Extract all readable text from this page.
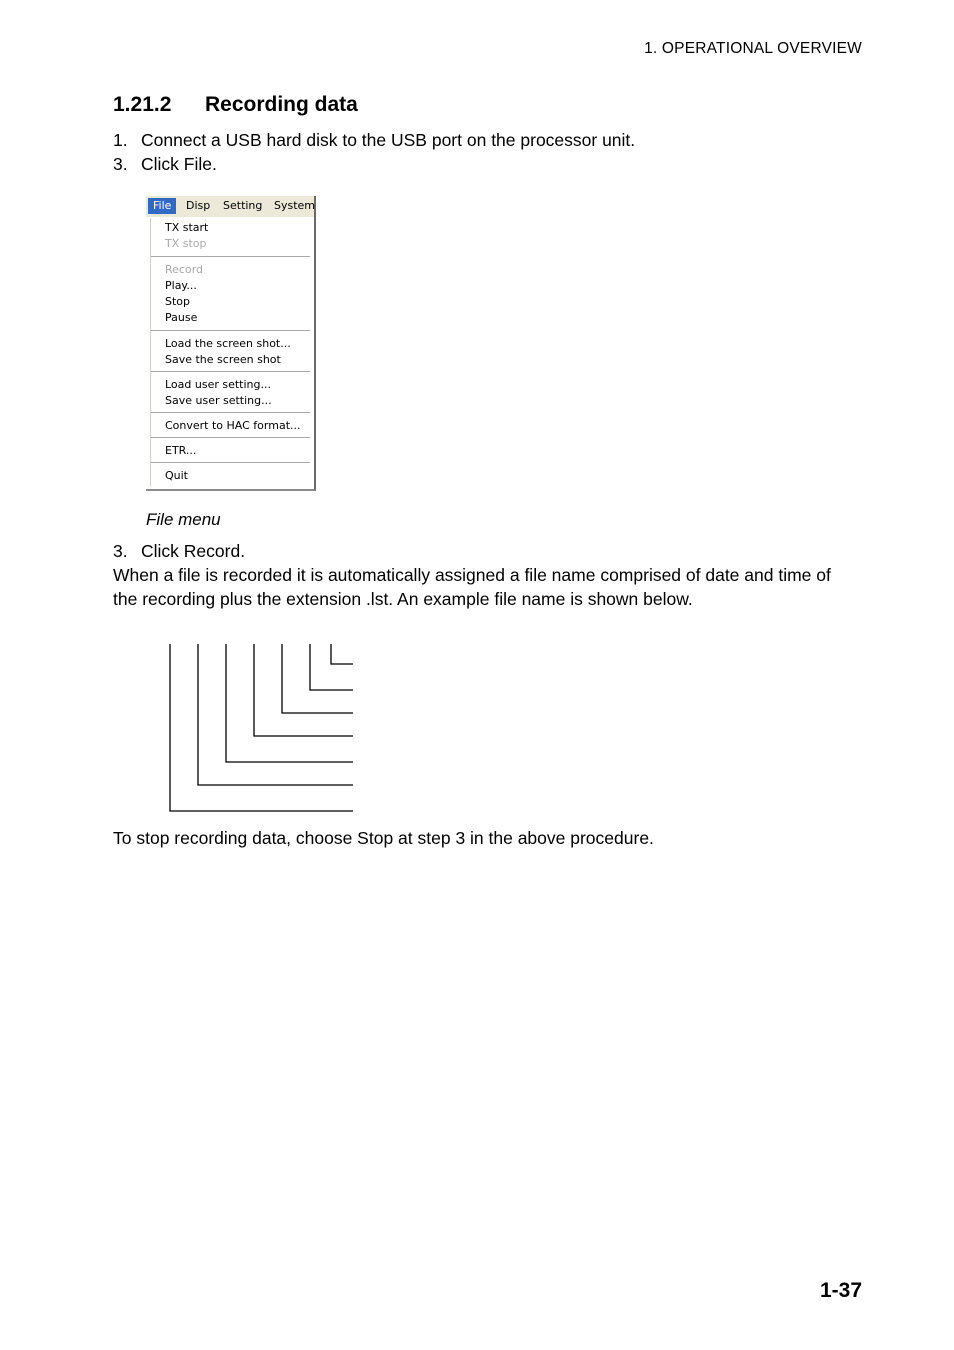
1. OPERATIONAL OVERVIEW
1.21.2 Recording data
1. Connect a USB hard disk to the USB port on the processor unit.
3. Click File.
File	Disp Setting System
TX start
TX stop
Record
Play...
Stop
Pause
Load the screen shot...
Save the screen shot
Load user setting...
Save user setting...
Convert to HAC format...
ETR...
Quit
File menu
3. Click Record.
When a file is recorded it is automatically assigned a file name comprised of date and time of the recording plus the extension .lst. An example file name is shown below.
To stop recording data, choose Stop at step 3 in the above procedure.
1-37
